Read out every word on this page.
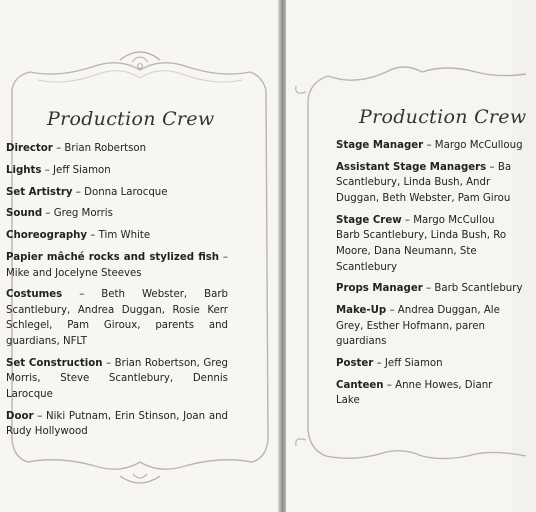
Production Crew
Director – Brian Robertson
Lights – Jeff Siamon
Set Artistry – Donna Larocque
Sound – Greg Morris
Choreography – Tim White
Papier mâché rocks and stylized fish – Mike and Jocelyne Steeves
Costumes – Beth Webster, Barb Scantlebury, Andrea Duggan, Rosie Kerr Schlegel, Pam Giroux, parents and guardians, NFLT
Set Construction – Brian Robertson, Greg Morris, Steve Scantlebury, Dennis Larocque
Door – Niki Putnam, Erin Stinson, Joan and Rudy Hollywood
Production Crew
Stage Manager – Margo McCulloug
Assistant Stage Managers – Ba
Scantlebury, Linda Bush, Andr
Duggan, Beth Webster, Pam Girou
Stage Crew – Margo McCullou
Barb Scantlebury, Linda Bush, Ro
Moore, Dana Neumann, Ste
Scantlebury
Props Manager – Barb Scantlebury
Make-Up – Andrea Duggan, Ale
Grey, Esther Hofmann, paren
guardians
Poster – Jeff Siamon
Canteen – Anne Howes, Dianr
Lake
